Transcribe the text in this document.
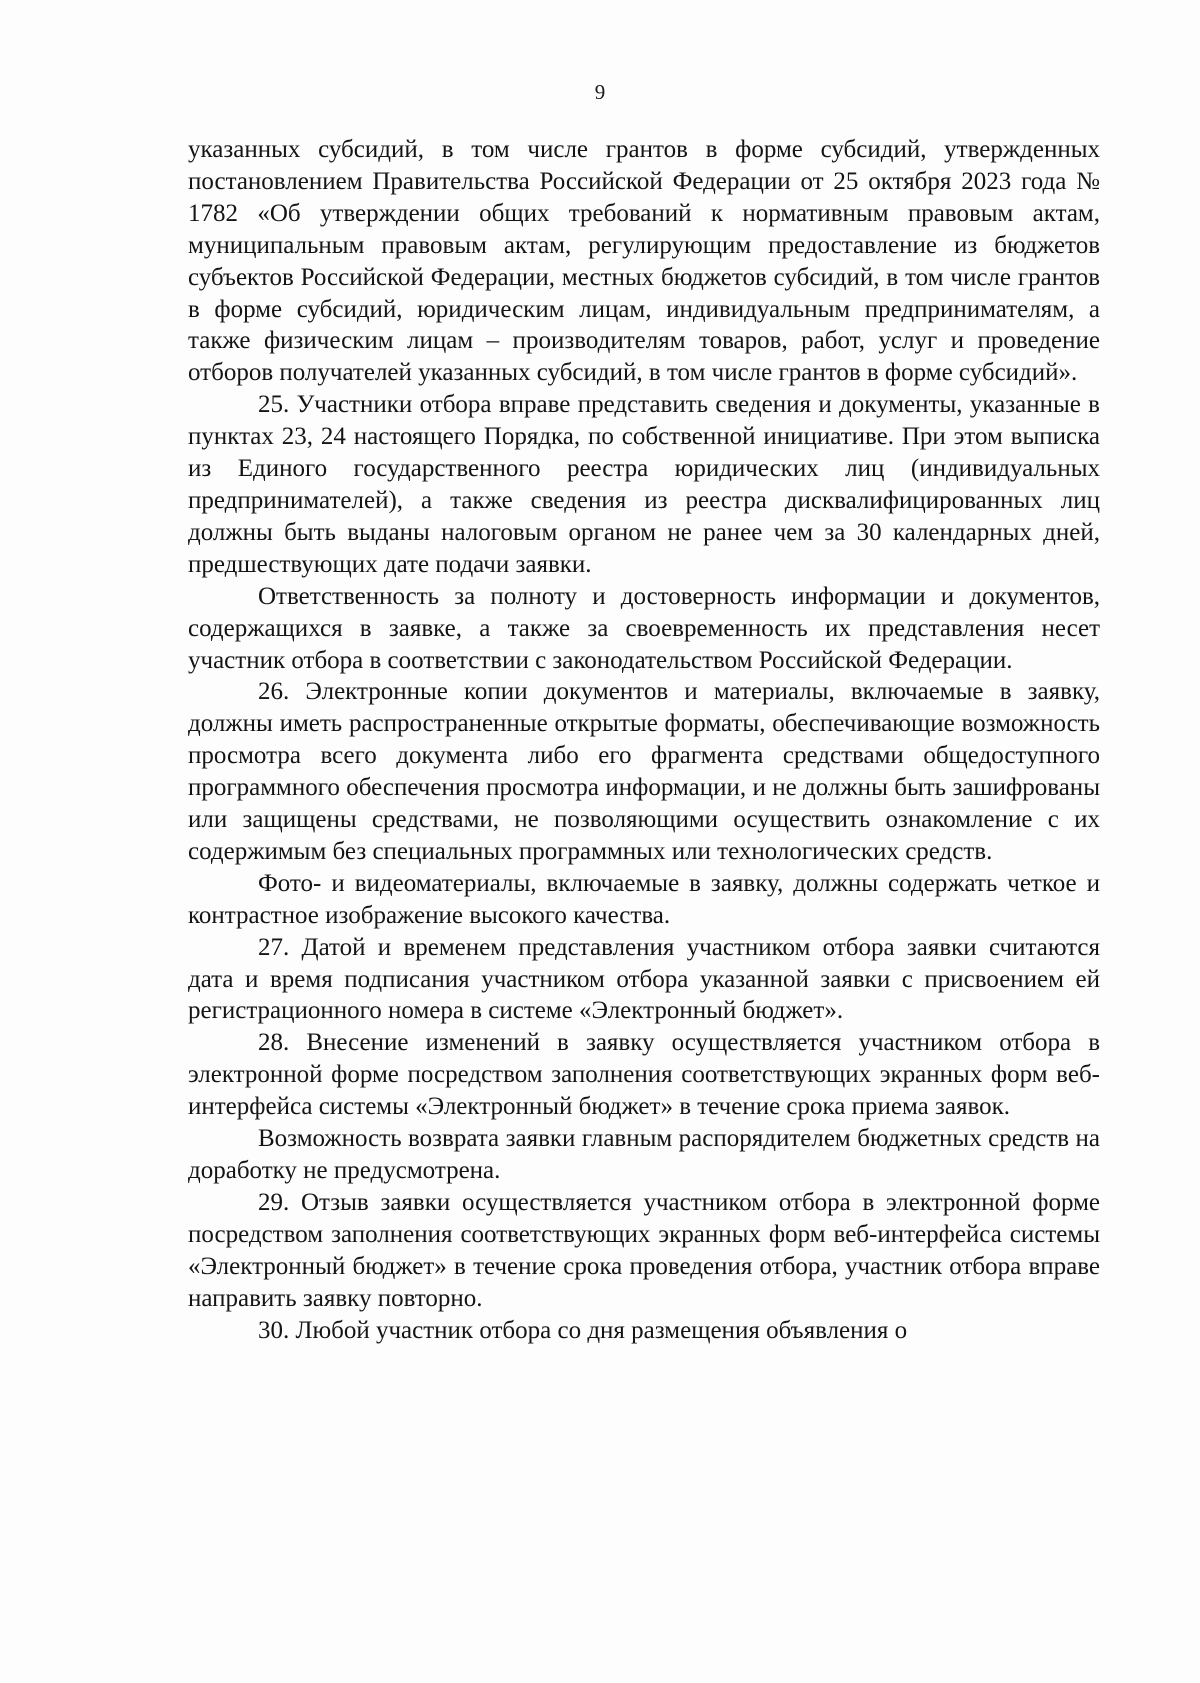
9

указанных субсидий, в том числе грантов в форме субсидий, утвержденных постановлением Правительства Российской Федерации от 25 октября 2023 года № 1782 «Об утверждении общих требований к нормативным правовым актам, муниципальным правовым актам, регулирующим предоставление из бюджетов субъектов Российской Федерации, местных бюджетов субсидий, в том числе грантов в форме субсидий, юридическим лицам, индивидуальным предпринимателям, а также физическим лицам – производителям товаров, работ, услуг и проведение отборов получателей указанных субсидий, в том числе грантов в форме субсидий».

25. Участники отбора вправе представить сведения и документы, указанные в пунктах 23, 24 настоящего Порядка, по собственной инициативе. При этом выписка из Единого государственного реестра юридических лиц (индивидуальных предпринимателей), а также сведения из реестра дисквалифицированных лиц должны быть выданы налоговым органом не ранее чем за 30 календарных дней, предшествующих дате подачи заявки.

Ответственность за полноту и достоверность информации и документов, содержащихся в заявке, а также за своевременность их представления несет участник отбора в соответствии с законодательством Российской Федерации.

26. Электронные копии документов и материалы, включаемые в заявку, должны иметь распространенные открытые форматы, обеспечивающие возможность просмотра всего документа либо его фрагмента средствами общедоступного программного обеспечения просмотра информации, и не должны быть зашифрованы или защищены средствами, не позволяющими осуществить ознакомление с их содержимым без специальных программных или технологических средств.

Фото- и видеоматериалы, включаемые в заявку, должны содержать четкое и контрастное изображение высокого качества.

27. Датой и временем представления участником отбора заявки считаются дата и время подписания участником отбора указанной заявки с присвоением ей регистрационного номера в системе «Электронный бюджет».

28. Внесение изменений в заявку осуществляется участником отбора в электронной форме посредством заполнения соответствующих экранных форм веб-интерфейса системы «Электронный бюджет» в течение срока приема заявок.

Возможность возврата заявки главным распорядителем бюджетных средств на доработку не предусмотрена.

29. Отзыв заявки осуществляется участником отбора в электронной форме посредством заполнения соответствующих экранных форм веб-интерфейса системы «Электронный бюджет» в течение срока проведения отбора, участник отбора вправе направить заявку повторно.

30. Любой участник отбора со дня размещения объявления о
